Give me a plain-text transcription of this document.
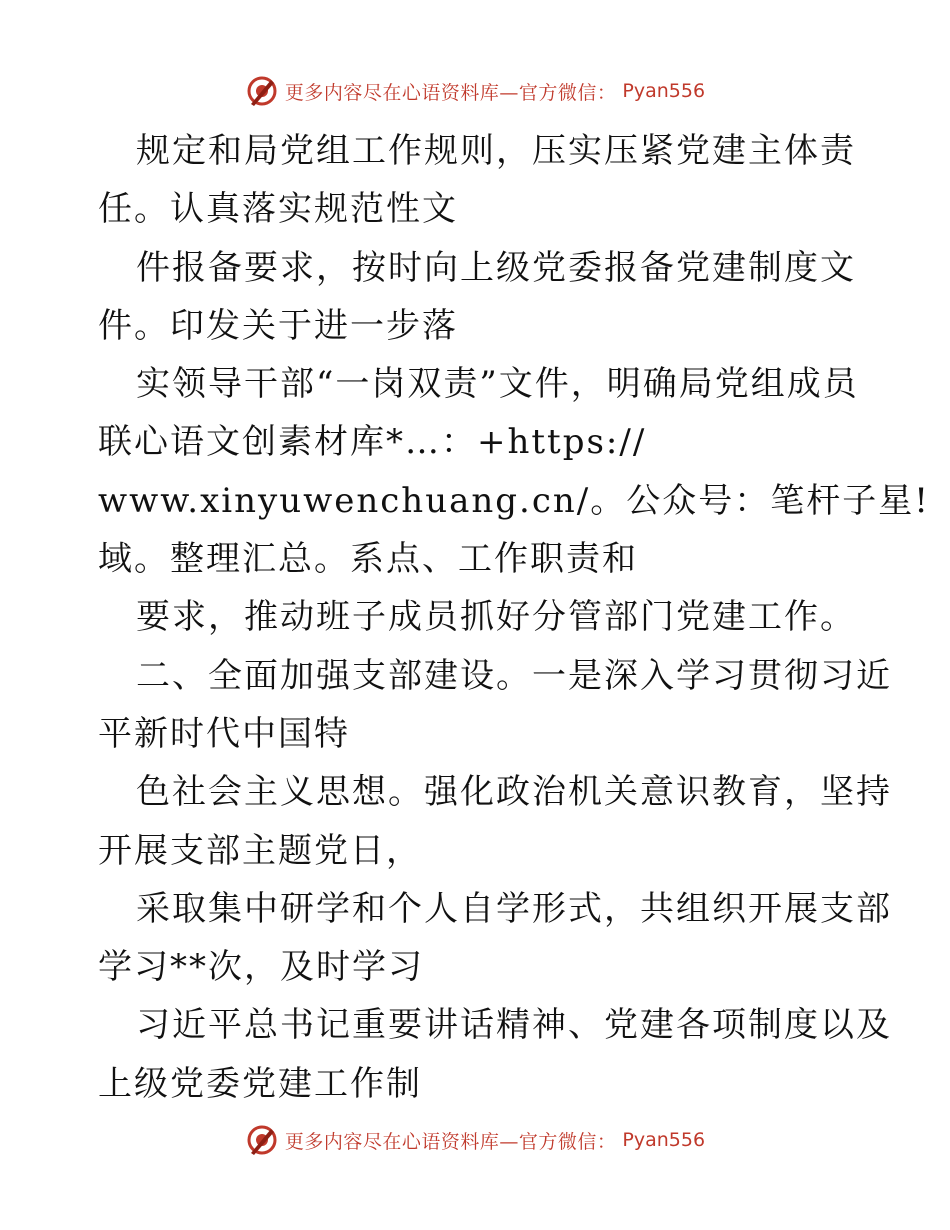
更多内容尽在心语资料库—官方微信： Pyan556
规定和局党组工作规则，压实压紧党建主体责
任。认真落实规范性文
件报备要求，按时向上级党委报备党建制度文
件。印发关于进一步落
实领导干部“一岗双责”文件，明确局党组成员
联心语文创素材库*…：+https://
www.xinyuwenchuang.cn/。公众号：笔杆子星!
域。整理汇总。系点、工作职责和
要求，推动班子成员抓好分管部门党建工作。
二、全面加强支部建设。一是深入学习贯彻习近
平新时代中国特
色社会主义思想。强化政治机关意识教育，坚持
开展支部主题党日，
采取集中研学和个人自学形式，共组织开展支部
学习**次，及时学习
习近平总书记重要讲话精神、党建各项制度以及
上级党委党建工作制
更多内容尽在心语资料库—官方微信： Pyan556
